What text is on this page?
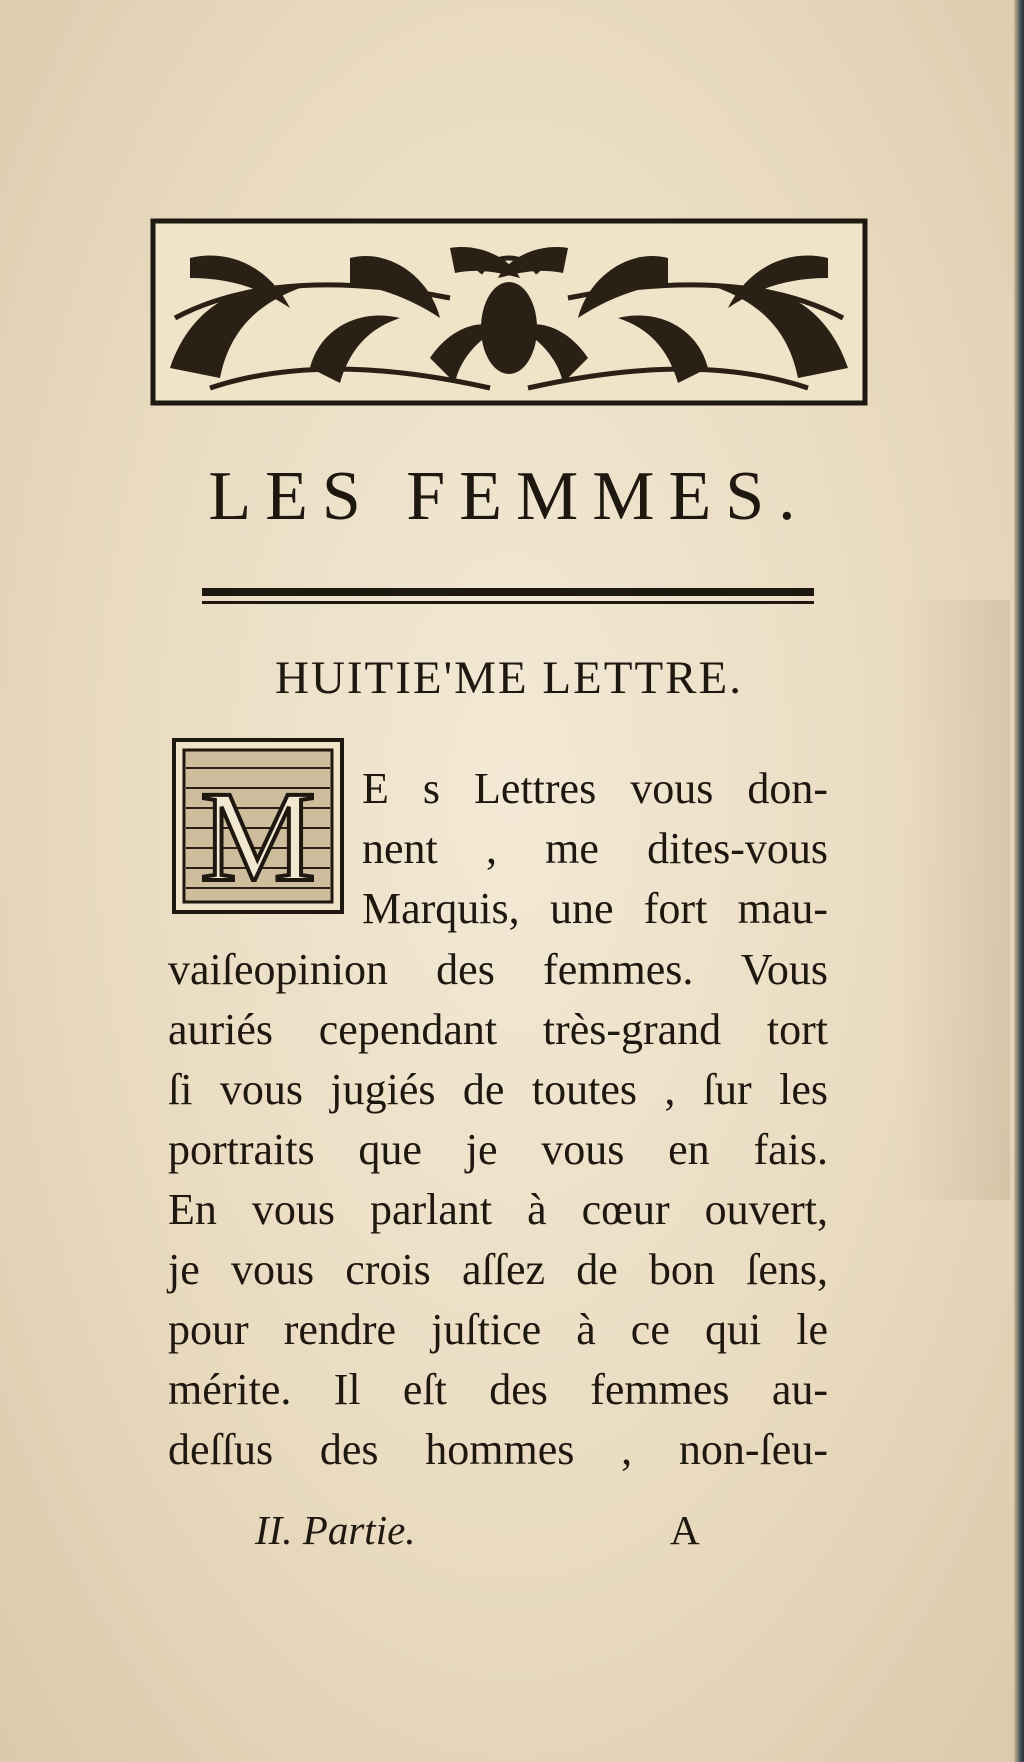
LES FEMMES.
HUITIE'ME LETTRE.
M E s Lettres vous don-
nent , me dites-vous
Marquis, une fort mau-
vaiſeopinion des femmes. Vous
auriés cependant très-grand tort
ſi vous jugiés de toutes , ſur les
portraits que je vous en fais.
En vous parlant à cœur ouvert,
je vous crois aſſez de bon ſens,
pour rendre juſtice à ce qui le
mérite. Il eſt des femmes au-
deſſus des hommes , non-ſeu-
II. Partie.	A
